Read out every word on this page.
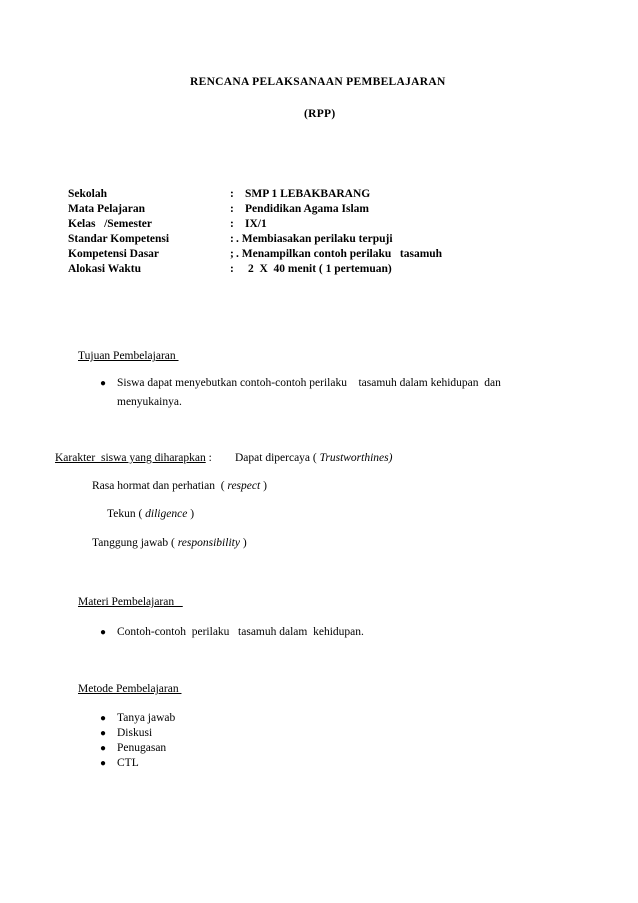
RENCANA PELAKSANAAN PEMBELAJARAN
(RPP)
Sekolah	: SMP 1 LEBAKBARANG
Mata Pelajaran	: Pendidikan Agama Islam
Kelas   /Semester	: IX/1
Standar Kompetensi	: . Membiasakan perilaku terpuji
Kompetensi Dasar	; . Menampilkan contoh perilaku   tasamuh
Alokasi Waktu	: 2  X  40 menit ( 1 pertemuan)
Tujuan Pembelajaran
● Siswa dapat menyebutkan contoh-contoh perilaku    tasamuh dalam kehidupan  dan
menyukainya.
Karakter  siswa yang diharapkan : Dapat dipercaya ( Trustworthines)
Rasa hormat dan perhatian  ( respect )
Tekun ( diligence )
Tanggung jawab ( responsibility )
Materi Pembelajaran
● Contoh-contoh  perilaku   tasamuh dalam  kehidupan.
Metode Pembelajaran
● Tanya jawab
● Diskusi
● Penugasan
● CTL
